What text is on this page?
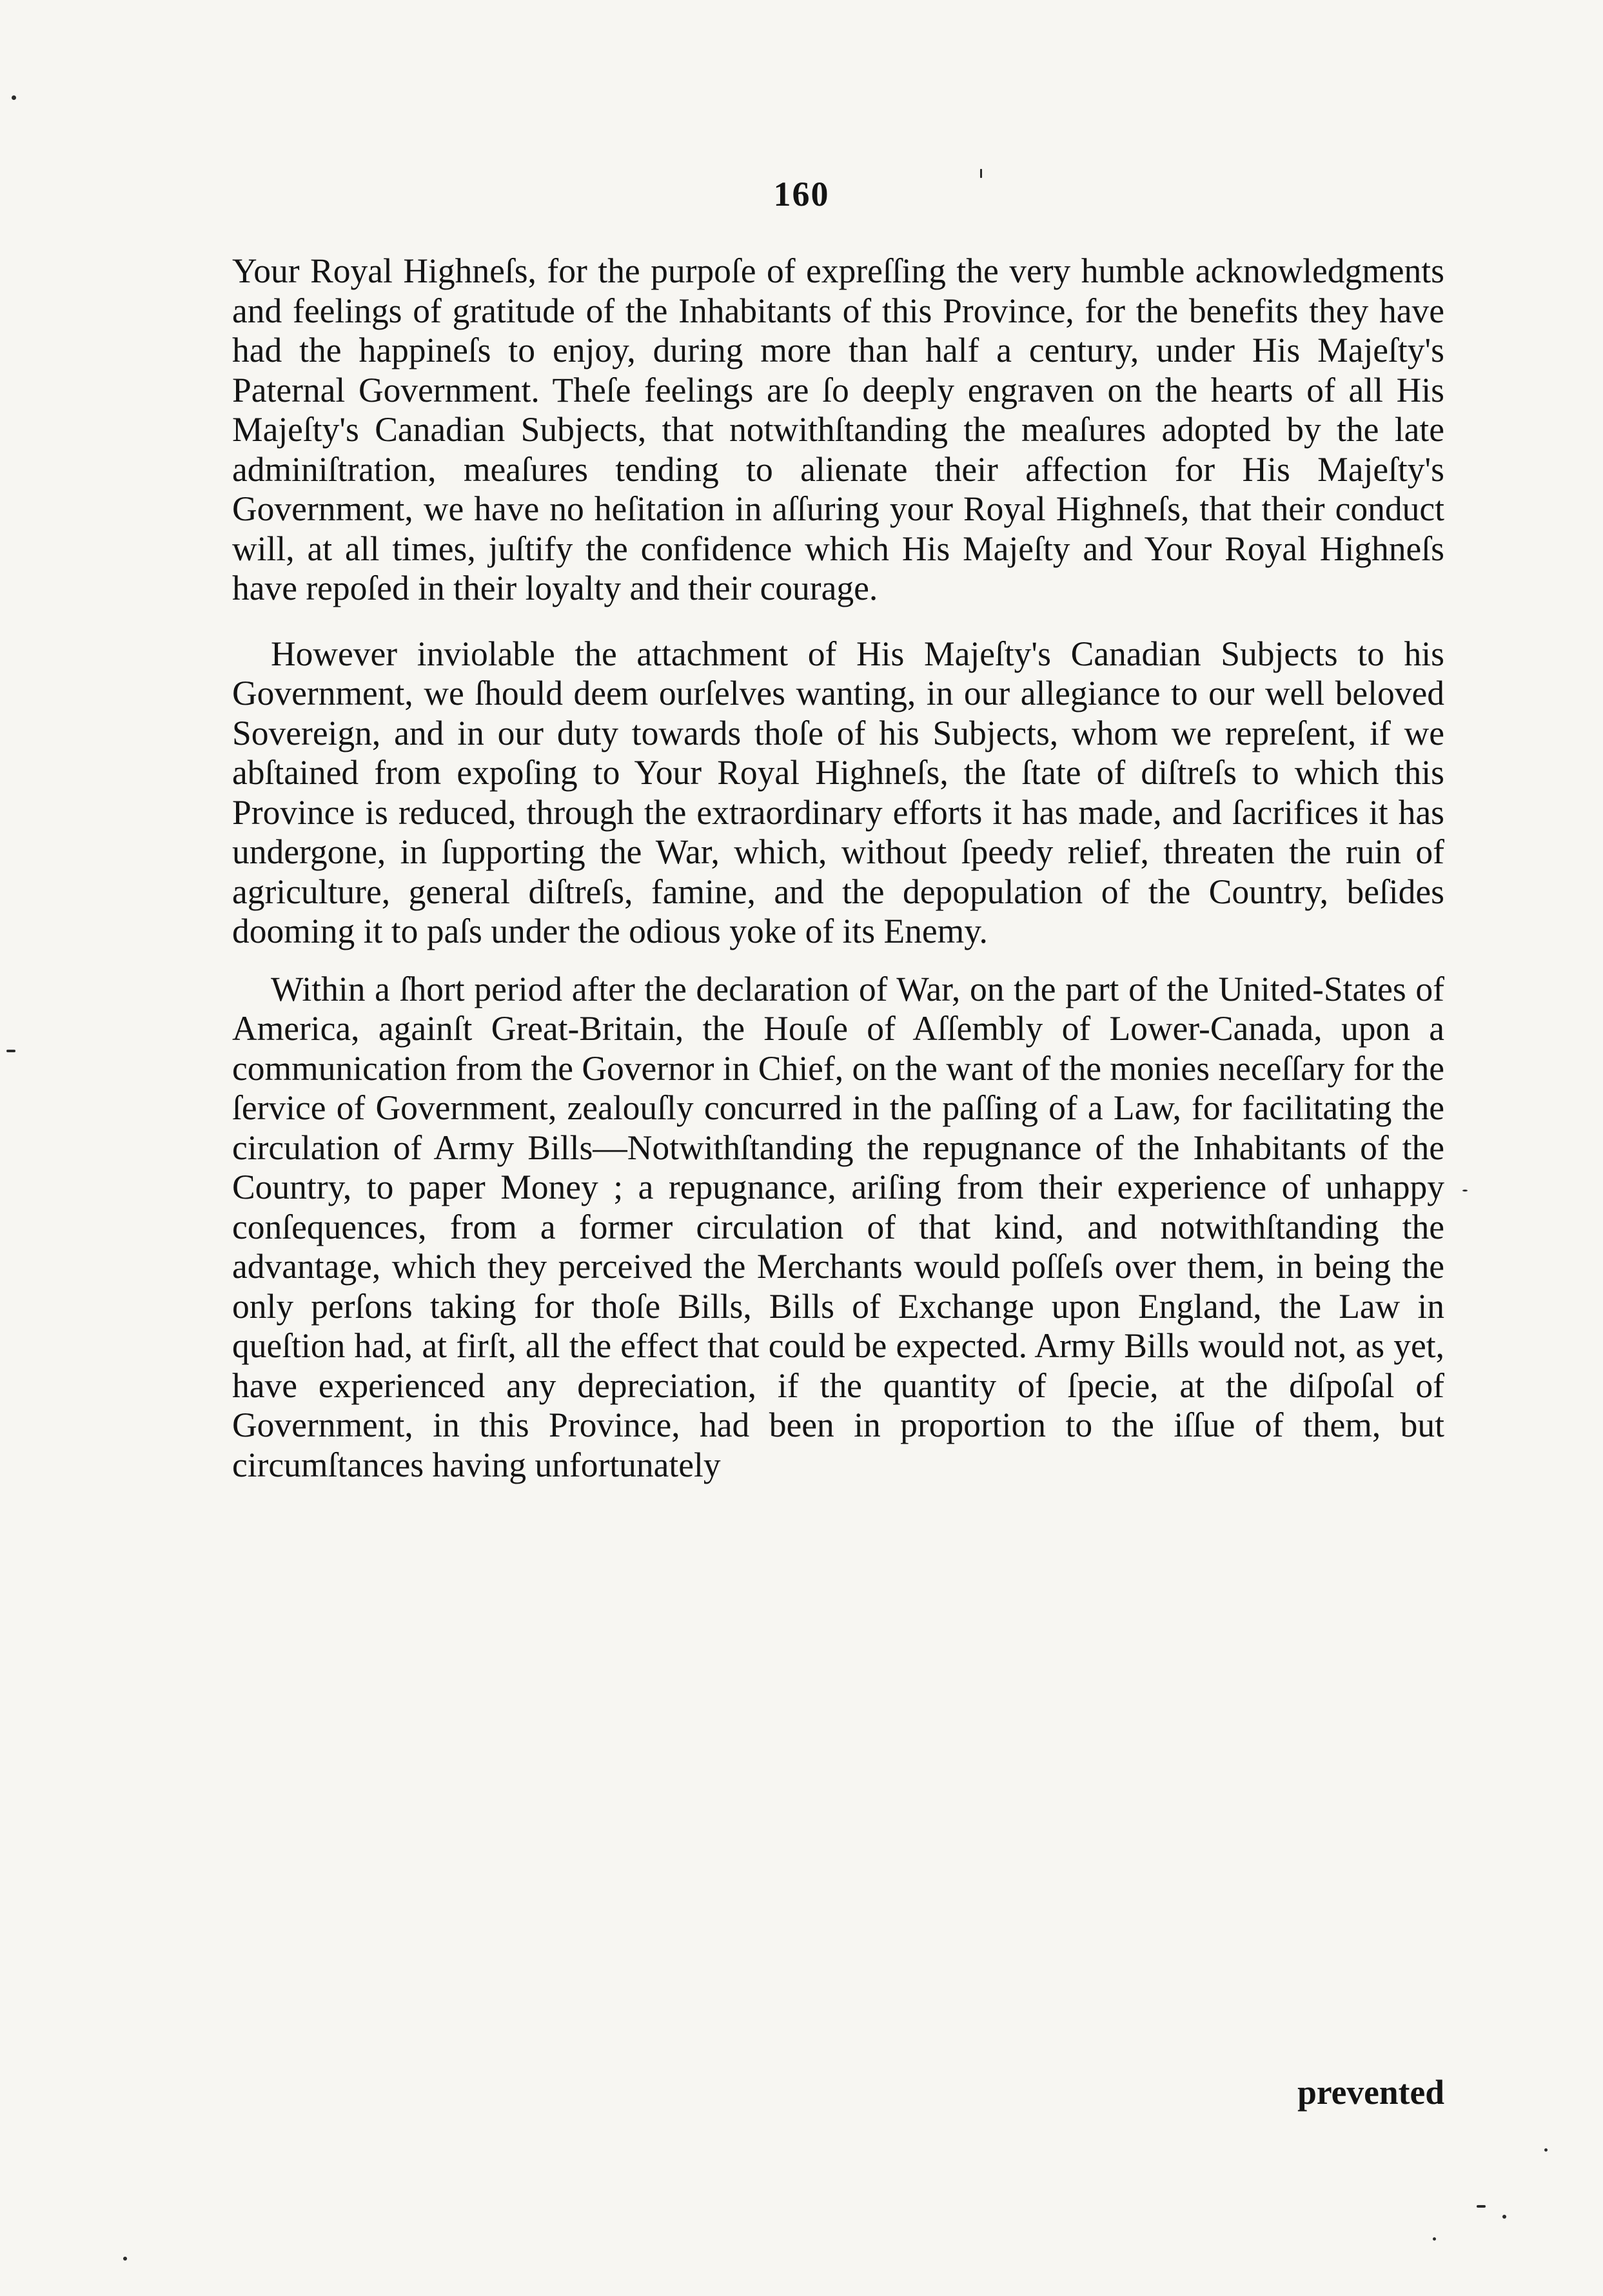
160

Your Royal Highneſs, for the purpoſe of expreſſing the very humble acknowledgments and feelings of gratitude of the Inhabitants of this Province, for the benefits they have had the happineſs to enjoy, during more than half a century, under His Majeſty's Paternal Government. Theſe feelings are ſo deeply engraven on the hearts of all His Majeſty's Canadian Subjects, that notwithſtanding the meaſures adopted by the late adminiſtration, meaſures tending to alienate their affection for His Majeſty's Government, we have no heſitation in aſſuring your Royal Highneſs, that their conduct will, at all times, juſtify the confidence which His Majeſty and Your Royal Highneſs have repoſed in their loyalty and their courage.

However inviolable the attachment of His Majeſty's Canadian Subjects to his Government, we ſhould deem ourſelves wanting, in our allegiance to our well beloved Sovereign, and in our duty towards thoſe of his Subjects, whom we repreſent, if we abſtained from expoſing to Your Royal Highneſs, the ſtate of diſtreſs to which this Province is reduced, through the extraordinary efforts it has made, and ſacrifices it has undergone, in ſupporting the War, which, without ſpeedy relief, threaten the ruin of agriculture, general diſtreſs, famine, and the depopulation of the Country, beſides dooming it to paſs under the odious yoke of its Enemy.

Within a ſhort period after the declaration of War, on the part of the United-States of America, againſt Great-Britain, the Houſe of Aſſembly of Lower-Canada, upon a communication from the Governor in Chief, on the want of the monies neceſſary for the ſervice of Government, zealouſly concurred in the paſſing of a Law, for facilitating the circulation of Army Bills—Notwithſtanding the repugnance of the Inhabitants of the Country, to paper Money ; a repugnance, ariſing from their experience of unhappy conſequences, from a former circulation of that kind, and notwithſtanding the advantage, which they perceived the Merchants would poſſeſs over them, in being the only perſons taking for thoſe Bills, Bills of Exchange upon England, the Law in queſtion had, at firſt, all the effect that could be expected. Army Bills would not, as yet, have experienced any depreciation, if the quantity of ſpecie, at the diſpoſal of Government, in this Province, had been in proportion to the iſſue of them, but circumſtances having unfortunately

prevented
